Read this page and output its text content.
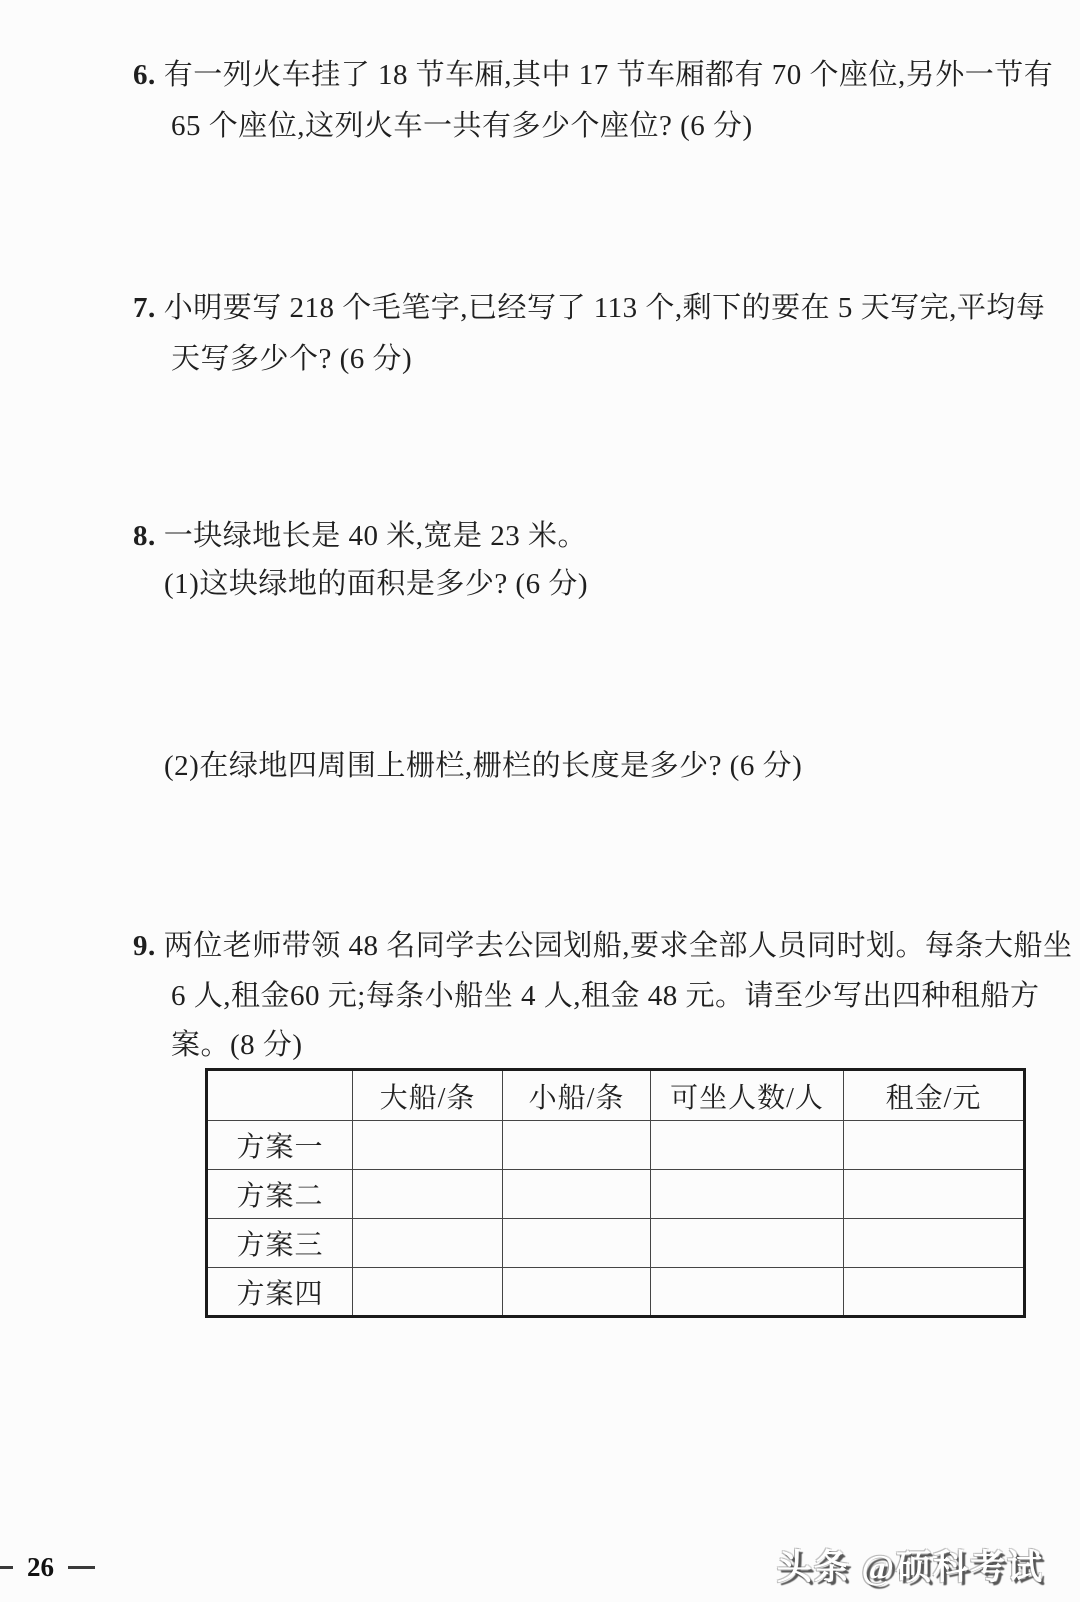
6. 有一列火车挂了 18 节车厢,其中 17 节车厢都有 70 个座位,另外一节有
65 个座位,这列火车一共有多少个座位? (6 分)
7. 小明要写 218 个毛笔字,已经写了 113 个,剩下的要在 5 天写完,平均每
天写多少个? (6 分)
8. 一块绿地长是 40 米,宽是 23 米。
(1)这块绿地的面积是多少? (6 分)
(2)在绿地四周围上栅栏,栅栏的长度是多少? (6 分)
9. 两位老师带领 48 名同学去公园划船,要求全部人员同时划。每条大船坐
6 人,租金60 元;每条小船坐 4 人,租金 48 元。请至少写出四种租船方
案。(8 分)
	大船/条	小船/条	可坐人数/人	租金/元
方案一				
方案二				
方案三				
方案四				
26	头条 @硕科考试
